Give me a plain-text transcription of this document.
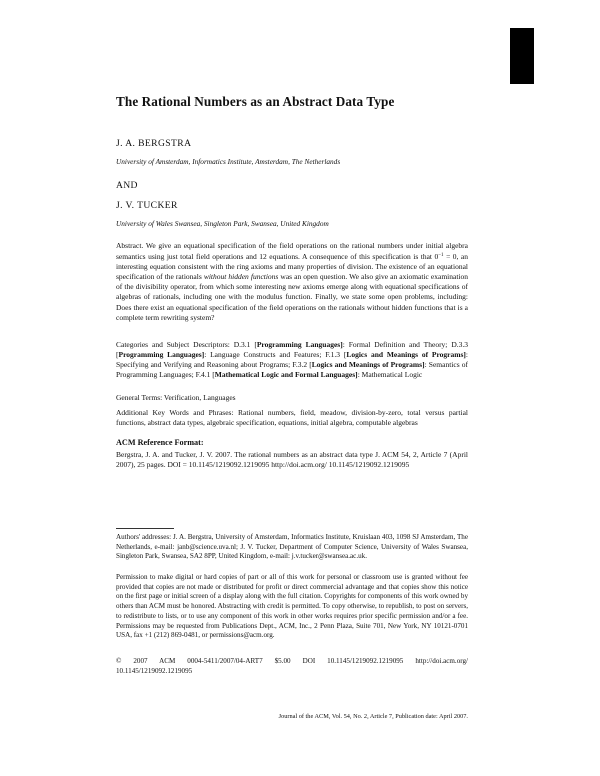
The Rational Numbers as an Abstract Data Type
J. A. BERGSTRA
University of Amsterdam, Informatics Institute, Amsterdam, The Netherlands
AND
J. V. TUCKER
University of Wales Swansea, Singleton Park, Swansea, United Kingdom
Abstract. We give an equational specification of the field operations on the rational numbers under initial algebra semantics using just total field operations and 12 equations. A consequence of this specification is that $0^{-1} = 0$, an interesting equation consistent with the ring axioms and many properties of division. The existence of an equational specification of the rationals without hidden functions was an open question. We also give an axiomatic examination of the divisibility operator, from which some interesting new axioms emerge along with equational specifications of algebras of rationals, including one with the modulus function. Finally, we state some open problems, including: Does there exist an equational specification of the field operations on the rationals without hidden functions that is a complete term rewriting system?
Categories and Subject Descriptors: D.3.1 [Programming Languages]: Formal Definition and Theory; D.3.3 [Programming Languages]: Language Constructs and Features; F.1.3 [Logics and Meanings of Programs]: Specifying and Verifying and Reasoning about Programs; F.3.2 [Logics and Meanings of Programs]: Semantics of Programming Languages; F.4.1 [Mathematical Logic and Formal Languages]: Mathematical Logic
General Terms: Verification, Languages
Additional Key Words and Phrases: Rational numbers, field, meadow, division-by-zero, total versus partial functions, abstract data types, algebraic specification, equations, initial algebra, computable algebras
ACM Reference Format:
Bergstra, J. A. and Tucker, J. V. 2007. The rational numbers as an abstract data type J. ACM 54, 2, Article 7 (April 2007), 25 pages. DOI = 10.1145/1219092.1219095 http://doi.acm.org/ 10.1145/1219092.1219095
Authors' addresses: J. A. Bergstra, University of Amsterdam, Informatics Institute, Kruislaan 403, 1098 SJ Amsterdam, The Netherlands, e-mail: janb@science.uva.nl; J. V. Tucker, Department of Computer Science, University of Wales Swansea, Singleton Park, Swansea, SA2 8PP, United Kingdom, e-mail: j.v.tucker@swansea.ac.uk.
Permission to make digital or hard copies of part or all of this work for personal or classroom use is granted without fee provided that copies are not made or distributed for profit or direct commercial advantage and that copies show this notice on the first page or initial screen of a display along with the full citation. Copyrights for components of this work owned by others than ACM must be honored. Abstracting with credit is permitted. To copy otherwise, to republish, to post on servers, to redistribute to lists, or to use any component of this work in other works requires prior specific permission and/or a fee. Permissions may be requested from Publications Dept., ACM, Inc., 2 Penn Plaza, Suite 701, New York, NY 10121-0701 USA, fax +1 (212) 869-0481, or permissions@acm.org.
© 2007 ACM 0004-5411/2007/04-ART7 $5.00 DOI 10.1145/1219092.1219095 http://doi.acm.org/ 10.1145/1219092.1219095
Journal of the ACM, Vol. 54, No. 2, Article 7, Publication date: April 2007.
